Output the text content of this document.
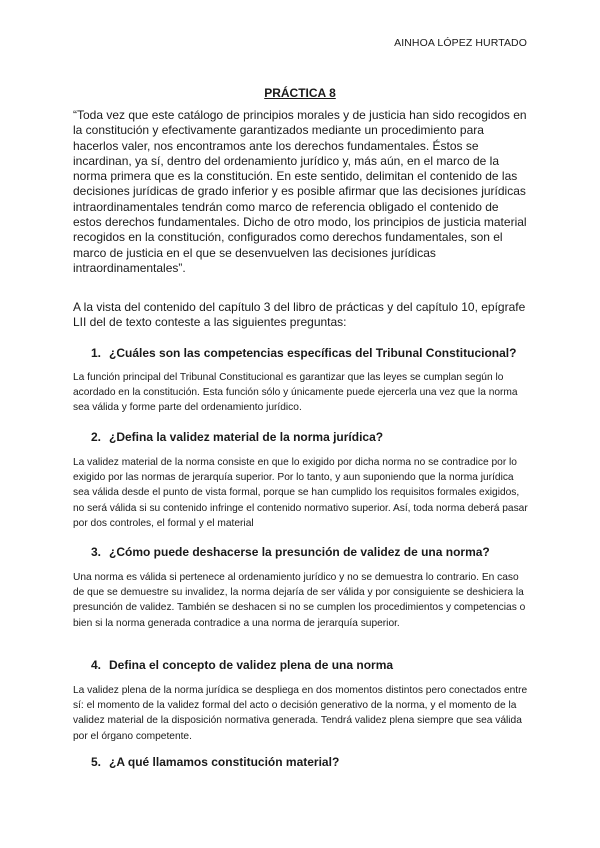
AINHOA LÓPEZ HURTADO
PRÁCTICA 8
“Toda vez que este catálogo de principios morales y de justicia han sido recogidos en la constitución y efectivamente garantizados mediante un procedimiento para hacerlos valer, nos encontramos ante los derechos fundamentales. Éstos se incardinan, ya sí, dentro del ordenamiento jurídico y, más aún, en el marco de la norma primera que es la constitución. En este sentido, delimitan el contenido de las decisiones jurídicas de grado inferior y es posible afirmar que las decisiones jurídicas intraordinamentales tendrán como marco de referencia obligado el contenido de estos derechos fundamentales. Dicho de otro modo, los principios de justicia material recogidos en la constitución, configurados como derechos fundamentales, son el marco de justicia en el que se desenvuelven las decisiones jurídicas intraordinamentales”.
A la vista del contenido del capítulo 3 del libro de prácticas y del capítulo 10, epígrafe LII del de texto conteste a las siguientes preguntas:
1. ¿Cuáles son las competencias específicas del Tribunal Constitucional?
La función principal del Tribunal Constitucional es garantizar que las leyes se cumplan según lo acordado en la constitución. Esta función sólo y únicamente puede ejercerla una vez que la norma sea válida y forme parte del ordenamiento jurídico.
2. ¿Defina la validez material de la norma jurídica?
La validez material de la norma consiste en que lo exigido por dicha norma no se contradice por lo exigido por las normas de jerarquía superior. Por lo tanto, y aun suponiendo que la norma jurídica sea válida desde el punto de vista formal, porque se han cumplido los requisitos formales exigidos, no será válida si su contenido infringe el contenido normativo superior. Así, toda norma deberá pasar por dos controles, el formal y el material
3. ¿Cómo puede deshacerse la presunción de validez de una norma?
Una norma es válida si pertenece al ordenamiento jurídico y no se demuestra lo contrario. En caso de que se demuestre su invalidez, la norma dejaría de ser válida y por consiguiente se deshiciera la presunción de validez. También se deshacen si no se cumplen los procedimientos y competencias o bien si la norma generada contradice a una norma de jerarquía superior.
4. Defina el concepto de validez plena de una norma
La validez plena de la norma jurídica se despliega en dos momentos distintos pero conectados entre sí: el momento de la validez formal del acto o decisión generativo de la norma, y el momento de la validez material de la disposición normativa generada. Tendrá validez plena siempre que sea válida por el órgano competente.
5. ¿A qué llamamos constitución material?
